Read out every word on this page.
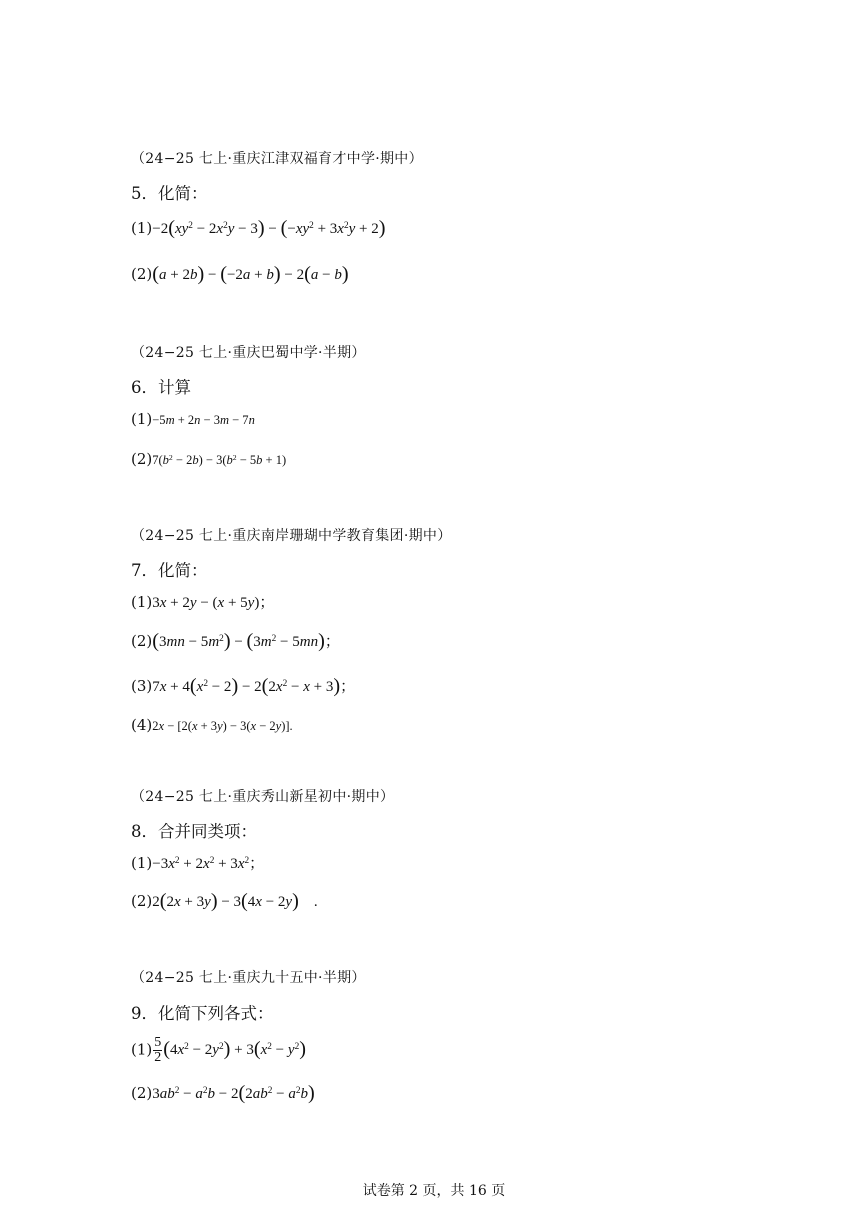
（24−25 七上·重庆江津双福育才中学·期中）
5．化简：
$(1)-2(xy^2 - 2x^2y - 3) - (-xy^2 + 3x^2y + 2)$
(2)(a + 2b) − (−2a + b) − 2(a − b)
（24−25 七上·重庆巴蜀中学·半期）
6．计算
(1)−5m + 2n − 3m − 7n
$(2)7(b^2 - 2b) - 3(b^2 - 5b + 1)$
（24−25 七上·重庆南岸珊瑚中学教育集团·期中）
7．化简：
(1)3x + 2y − (x + 5y)；
$(2)(3mn - 5m^2) - (3m^2 - 5mn)$；
$(3)7x + 4(x^2 - 2) - 2(2x^2 - x + 3)$；
(4)2x − [2(x + 3y) − 3(x − 2y)].
（24−25 七上·重庆秀山新星初中·期中）
8．合并同类项：
$(1)-3x^2 + 2x^2 + 3x^2$；
(2)2(2x + 3y) − 3(4x − 2y)　.
（24−25 七上·重庆九十五中·半期）
9．化简下列各式：
$(1) \frac{5}{2} (4x^2 - 2y^2) + 3(x^2 - y^2)$
$(2)3ab^2 - a^2b - 2(2ab^2 - a^2b)$
试卷第 2 页，共 16 页
